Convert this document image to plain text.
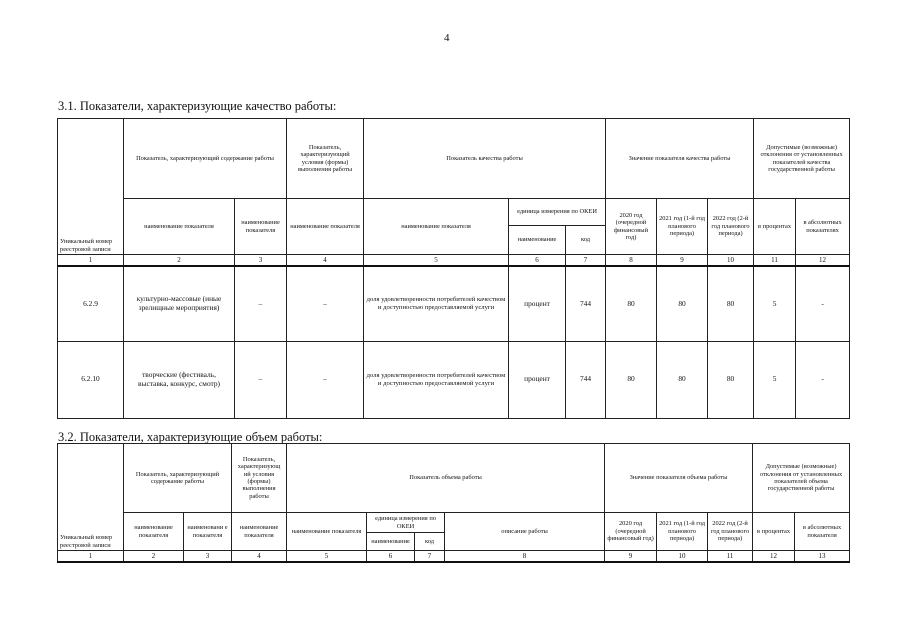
4
3.1. Показатели, характеризующие качество работы:
Уникальный номер реестровой записи	Показатель, характеризующий содержание работы		Показатель, характеризующий условия (формы) выполнения работы	Показатель качества работы			Значение показателя качества работы			Допустимые (возможные) отклонения от установленных показателей качества государственной работы	
	наименование показателя	наименование показателя	наименование показателя	наименование показателя	единица измерения по ОКЕИ		2020 год (очередной финансовый год)	2021 год (1-й год планового периода)	2022 год (2-й год планового периода)	в процентах	в абсолютных показателях
					наименование	код					
1	2	3	4	5	6	7	8	9	10	11	12
6.2.9	культурно-массовые (иные зрелищные мероприятия)	–	–	доля удовлетворенности потребителей качеством и доступностью предоставляемой услуги	процент	744	80	80	80	5	-
6.2.10	творческие (фестиваль, выставка, конкурс, смотр)	–	–	доля удовлетворенности потребителей качеством и доступностью предоставляемой услуги	процент	744	80	80	80	5	-
3.2. Показатели, характеризующие объем работы:
Уникальный номер реестровой записи	Показатель, характеризующий содержание работы		Показатель, характеризующ ий условия (формы) выполнения работы	Показатель объема работы				Значение показателя объема работы			Допустимые (возможные) отклонения от установленных показателей объема государственной работы	
	наименование показателя	наименовани е показателя	наименование показателя	наименование показателя	единица измерения по ОКЕИ		описание работы	2020 год (очередной финансовый год)	2021 год (1-й год планового периода)	2022 год (2-й год планового периода)	в процентах	в абсолютных показателя
					наименование	код						
1	2	3	4	5	6	7	8	9	10	11	12	13
